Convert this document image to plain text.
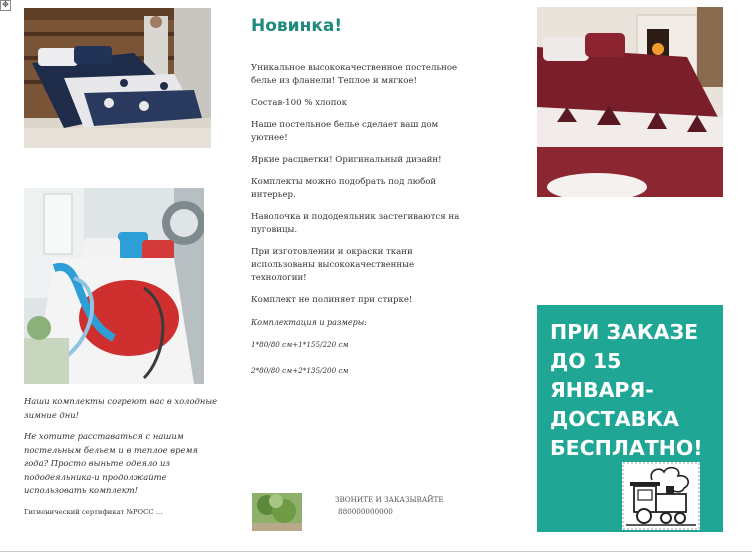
✥
Новинка!

Уникальное высококачественное постельное белье из фланели! Теплое и мягкое!

Состав-100 % хлопок

Наше постельное белье сделает ваш дом уютнее!

Яркие расцветки! Оригинальный дизайн!

Комплекты можно подобрать под любой интерьер.

Наволочка и пододеяльник застегиваются на пуговицы.

При изготовлении и окраски ткани использованы высококачественные технологии!

Комплект не полиняет при стирке!

Комплектация и размеры:

1*80/80 см+1*155/220 см

2*80/80 см+2*135/200 см

Наши комплекты согреют вас в холодные зимние дни!

Не хотите расставаться с нашим постельным бельем и в теплое время года? Просто выньте одеяло из пододеяльника-и продолжайте использовать комплект!

Гигиенический сертификат №РОСС …

ЗВОНИТЕ И ЗАКАЗЫВАЙТЕ
880000000000
ПРИ ЗАКАЗЕ ДО 15 ЯНВАРЯ-ДОСТАВКА БЕСПЛАТНО!
